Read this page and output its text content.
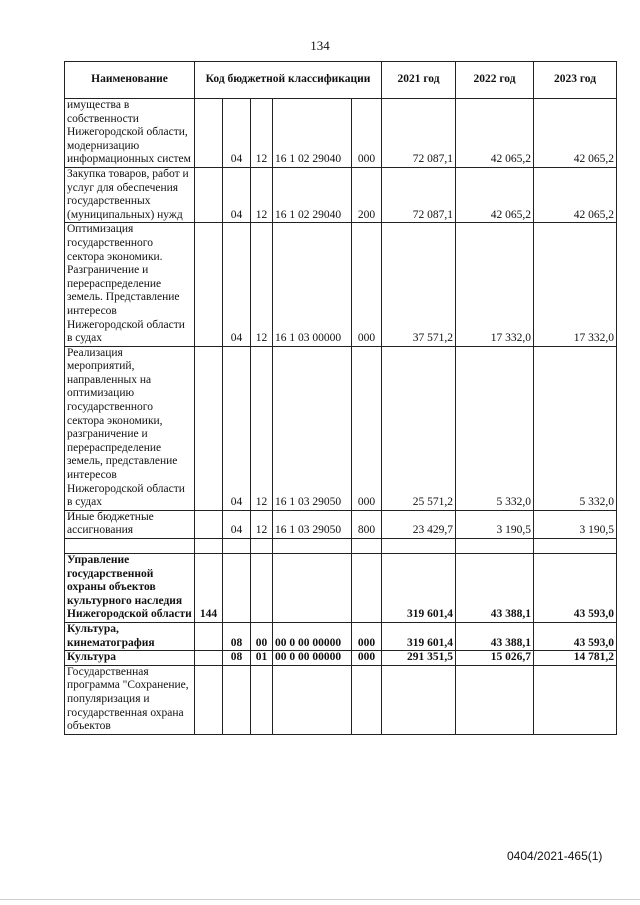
134
Наименование	Код бюджетной классификации					2021 год	2022 год	2023 год
имущества в собственности Нижегородской области, модернизацию информационных систем		04	12	16 1 02 29040	000	72 087,1	42 065,2	42 065,2
Закупка товаров, работ и услуг для обеспечения государственных (муниципальных) нужд		04	12	16 1 02 29040	200	72 087,1	42 065,2	42 065,2
Оптимизация государственного сектора экономики. Разграничение и перераспределение земель. Представление интересов Нижегородской области в судах		04	12	16 1 03 00000	000	37 571,2	17 332,0	17 332,0
Реализация мероприятий, направленных на оптимизацию государственного сектора экономики, разграничение и перераспределение земель, представление интересов Нижегородской области в судах		04	12	16 1 03 29050	000	25 571,2	5 332,0	5 332,0
Иные бюджетные ассигнования		04	12	16 1 03 29050	800	23 429,7	3 190,5	3 190,5

Управление государственной охраны объектов культурного наследия Нижегородской области	144					319 601,4	43 388,1	43 593,0
Культура, кинематография		08	00	00 0 00 00000	000	319 601,4	43 388,1	43 593,0
Культура		08	01	00 0 00 00000	000	291 351,5	15 026,7	14 781,2
Государственная программа "Сохранение, популяризация и государственная охрана объектов								
0404/2021-465(1)
